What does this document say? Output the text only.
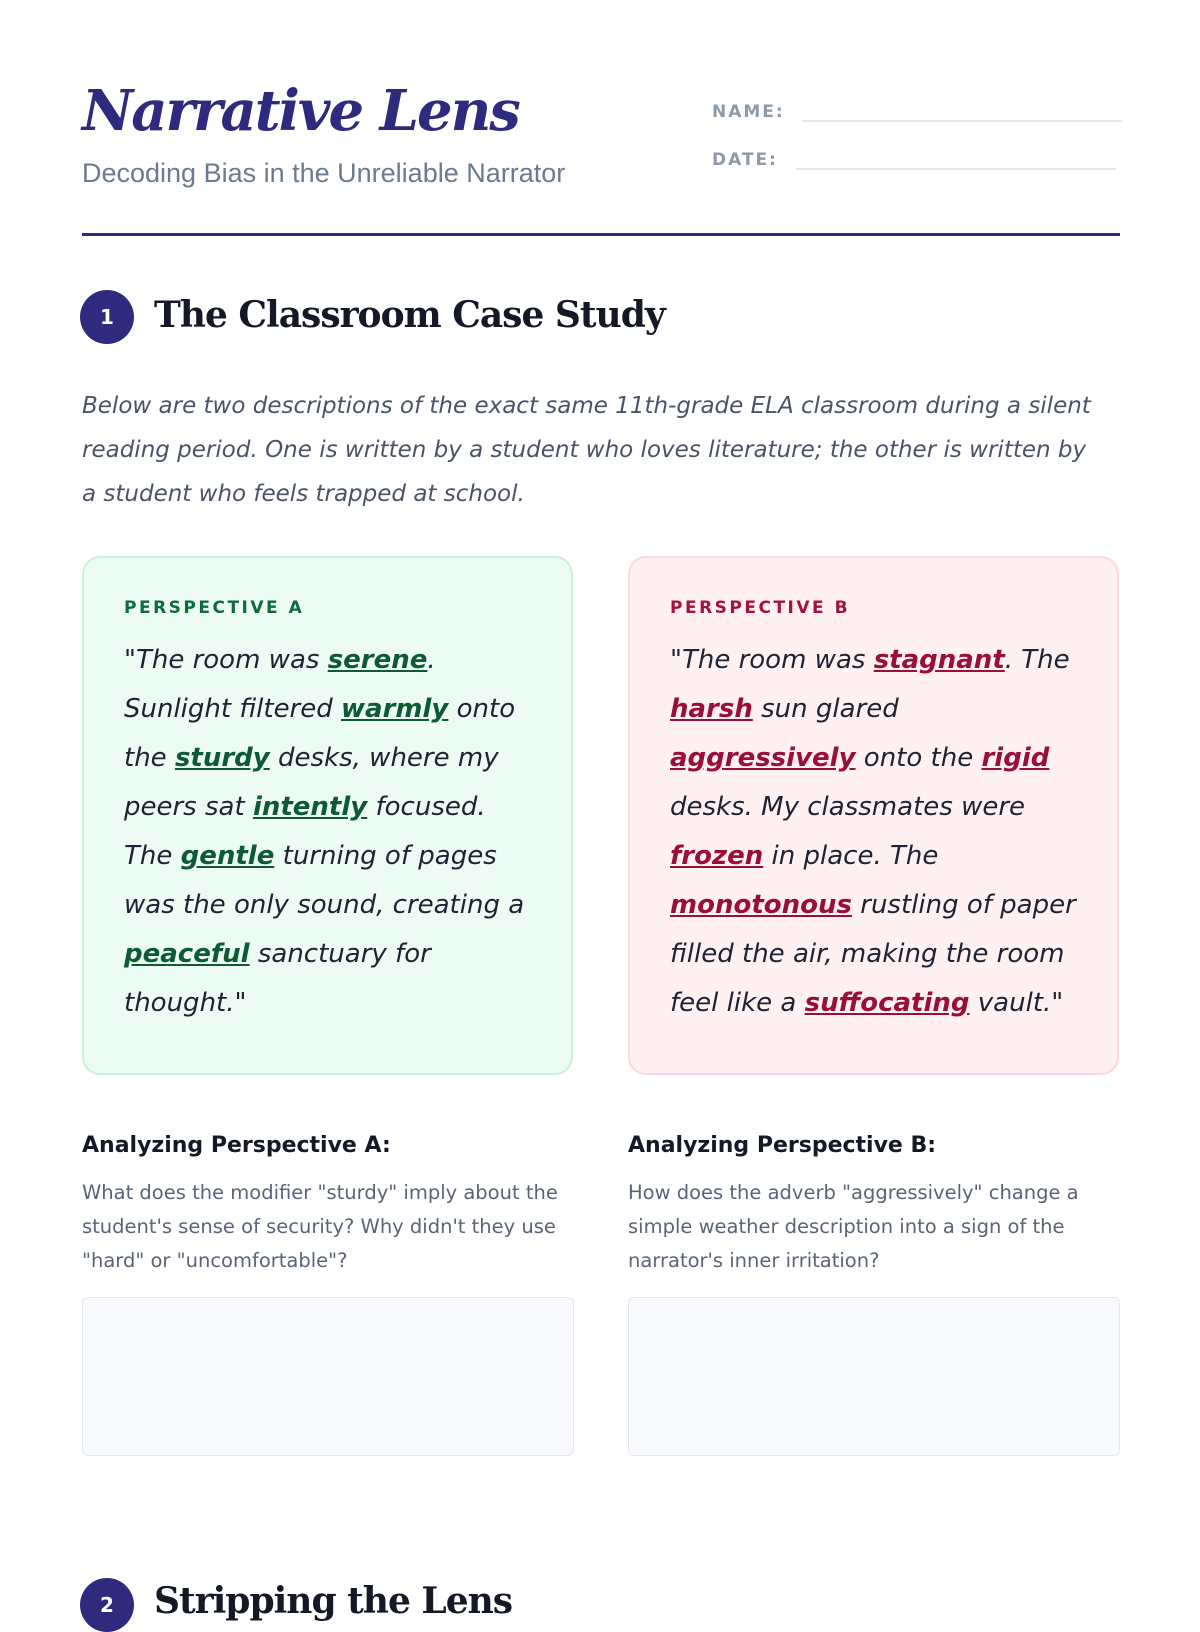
Narrative Lens
Decoding Bias in the Unreliable Narrator
NAME:
DATE:
1	The Classroom Case Study
Below are two descriptions of the exact same 11th-grade ELA classroom during a silent reading period. One is written by a student who loves literature; the other is written by a student who feels trapped at school.
PERSPECTIVE A
"The room was serene. Sunlight filtered warmly onto the sturdy desks, where my peers sat intently focused. The gentle turning of pages was the only sound, creating a peaceful sanctuary for thought."
PERSPECTIVE B
"The room was stagnant. The harsh sun glared aggressively onto the rigid desks. My classmates were frozen in place. The monotonous rustling of paper filled the air, making the room feel like a suffocating vault."
Analyzing Perspective A:

What does the modifier "sturdy" imply about the student's sense of security? Why didn't they use "hard" or "uncomfortable"?

Analyzing Perspective B:

How does the adverb "aggressively" change a simple weather description into a sign of the narrator's inner irritation?

2	Stripping the Lens
